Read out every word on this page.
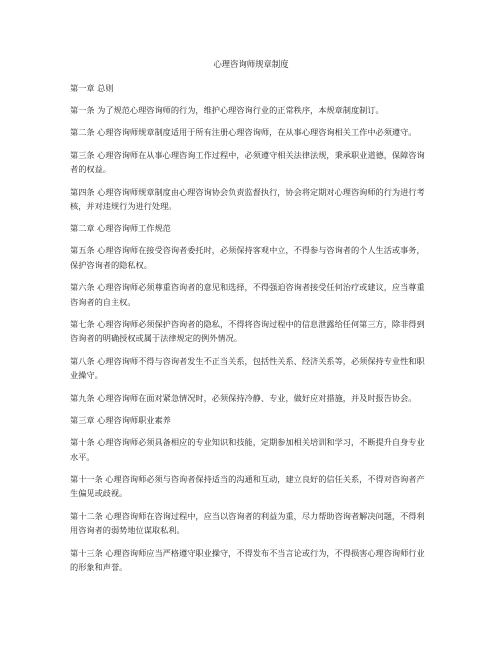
心理咨询师规章制度
第一章 总则

第一条 为了规范心理咨询师的行为，维护心理咨询行业的正常秩序，本规章制度制订。

第二条 心理咨询师规章制度适用于所有注册心理咨询师，在从事心理咨询相关工作中必须遵守。

第三条 心理咨询师在从事心理咨询工作过程中，必须遵守相关法律法规，秉承职业道德，保障咨询者的权益。

第四条 心理咨询师规章制度由心理咨询协会负责监督执行，协会将定期对心理咨询师的行为进行考核，并对违规行为进行处理。

第二章 心理咨询师工作规范

第五条 心理咨询师在接受咨询者委托时，必须保持客观中立，不得参与咨询者的个人生活或事务，保护咨询者的隐私权。

第六条 心理咨询师必须尊重咨询者的意见和选择，不得强迫咨询者接受任何治疗或建议，应当尊重咨询者的自主权。

第七条 心理咨询师必须保护咨询者的隐私，不得将咨询过程中的信息泄露给任何第三方，除非得到咨询者的明确授权或属于法律规定的例外情况。

第八条 心理咨询师不得与咨询者发生不正当关系，包括性关系、经济关系等，必须保持专业性和职业操守。

第九条 心理咨询师在面对紧急情况时，必须保持冷静、专业，做好应对措施，并及时报告协会。

第三章 心理咨询师职业素养

第十条 心理咨询师必须具备相应的专业知识和技能，定期参加相关培训和学习，不断提升自身专业水平。

第十一条 心理咨询师必须与咨询者保持适当的沟通和互动，建立良好的信任关系，不得对咨询者产生偏见或歧视。

第十二条 心理咨询师在咨询过程中，应当以咨询者的利益为重，尽力帮助咨询者解决问题，不得利用咨询者的弱势地位谋取私利。

第十三条 心理咨询师应当严格遵守职业操守，不得发布不当言论或行为，不得损害心理咨询师行业的形象和声誉。
